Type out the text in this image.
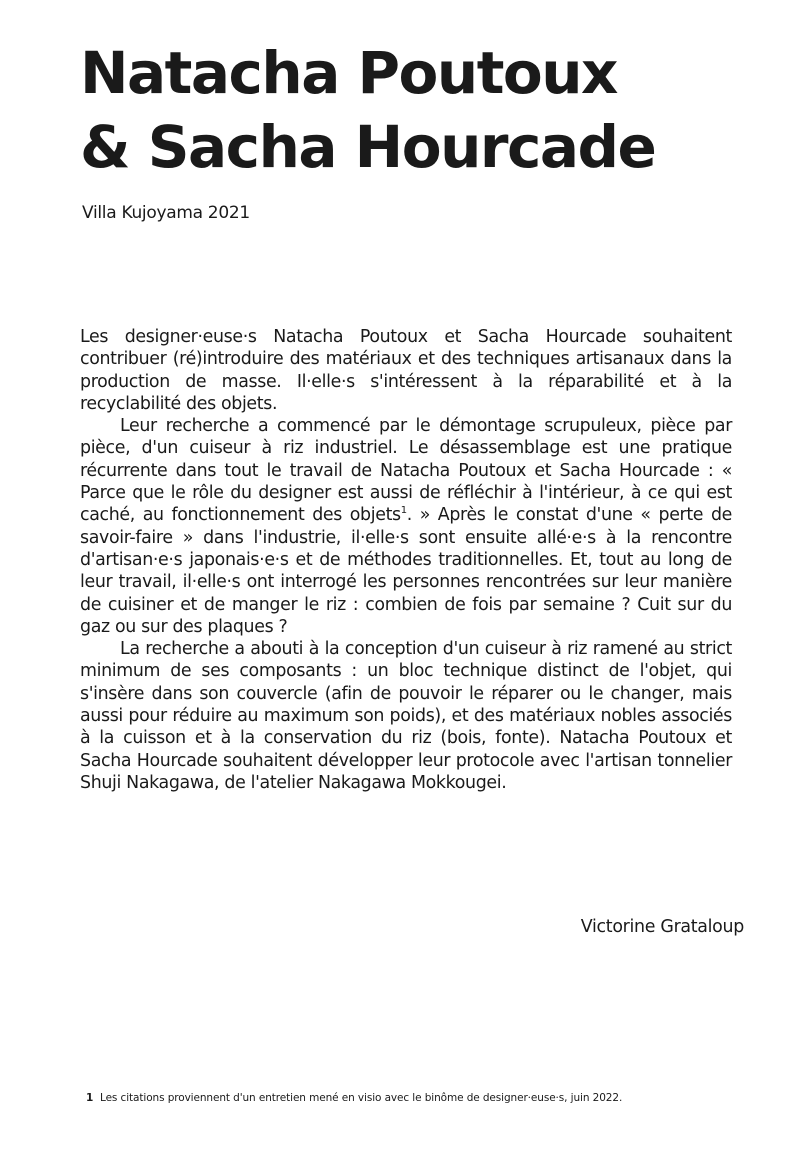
Natacha Poutoux
& Sacha Hourcade

Villa Kujoyama 2021

Les designer·euse·s Natacha Poutoux et Sacha Hourcade souhaitent contribuer (ré)introduire des matériaux et des techniques artisanaux dans la production de masse. Il·elle·s s'intéressent à la réparabilité et à la recyclabilité des objets.

Leur recherche a commencé par le démontage scrupuleux, pièce par pièce, d'un cuiseur à riz industriel. Le désassemblage est une pratique récurrente dans tout le travail de Natacha Poutoux et Sacha Hourcade : « Parce que le rôle du designer est aussi de réfléchir à l'intérieur, à ce qui est caché, au fonctionnement des objets$^1$. » Après le constat d'une « perte de savoir-faire » dans l'industrie, il·elle·s sont ensuite allé·e·s à la rencontre d'artisan·e·s japonais·e·s et de méthodes traditionnelles. Et, tout au long de leur travail, il·elle·s ont interrogé les personnes rencontrées sur leur manière de cuisiner et de manger le riz : combien de fois par semaine ? Cuit sur du gaz ou sur des plaques ?

La recherche a abouti à la conception d'un cuiseur à riz ramené au strict minimum de ses composants : un bloc technique distinct de l'objet, qui s'insère dans son couvercle (afin de pouvoir le réparer ou le changer, mais aussi pour réduire au maximum son poids), et des matériaux nobles associés à la cuisson et à la conservation du riz (bois, fonte). Natacha Poutoux et Sacha Hourcade souhaitent développer leur protocole avec l'artisan tonnelier Shuji Nakagawa, de l'atelier Nakagawa Mokkougei.

Victorine Grataloup

1 Les citations proviennent d'un entretien mené en visio avec le binôme de designer·euse·s, juin 2022.
